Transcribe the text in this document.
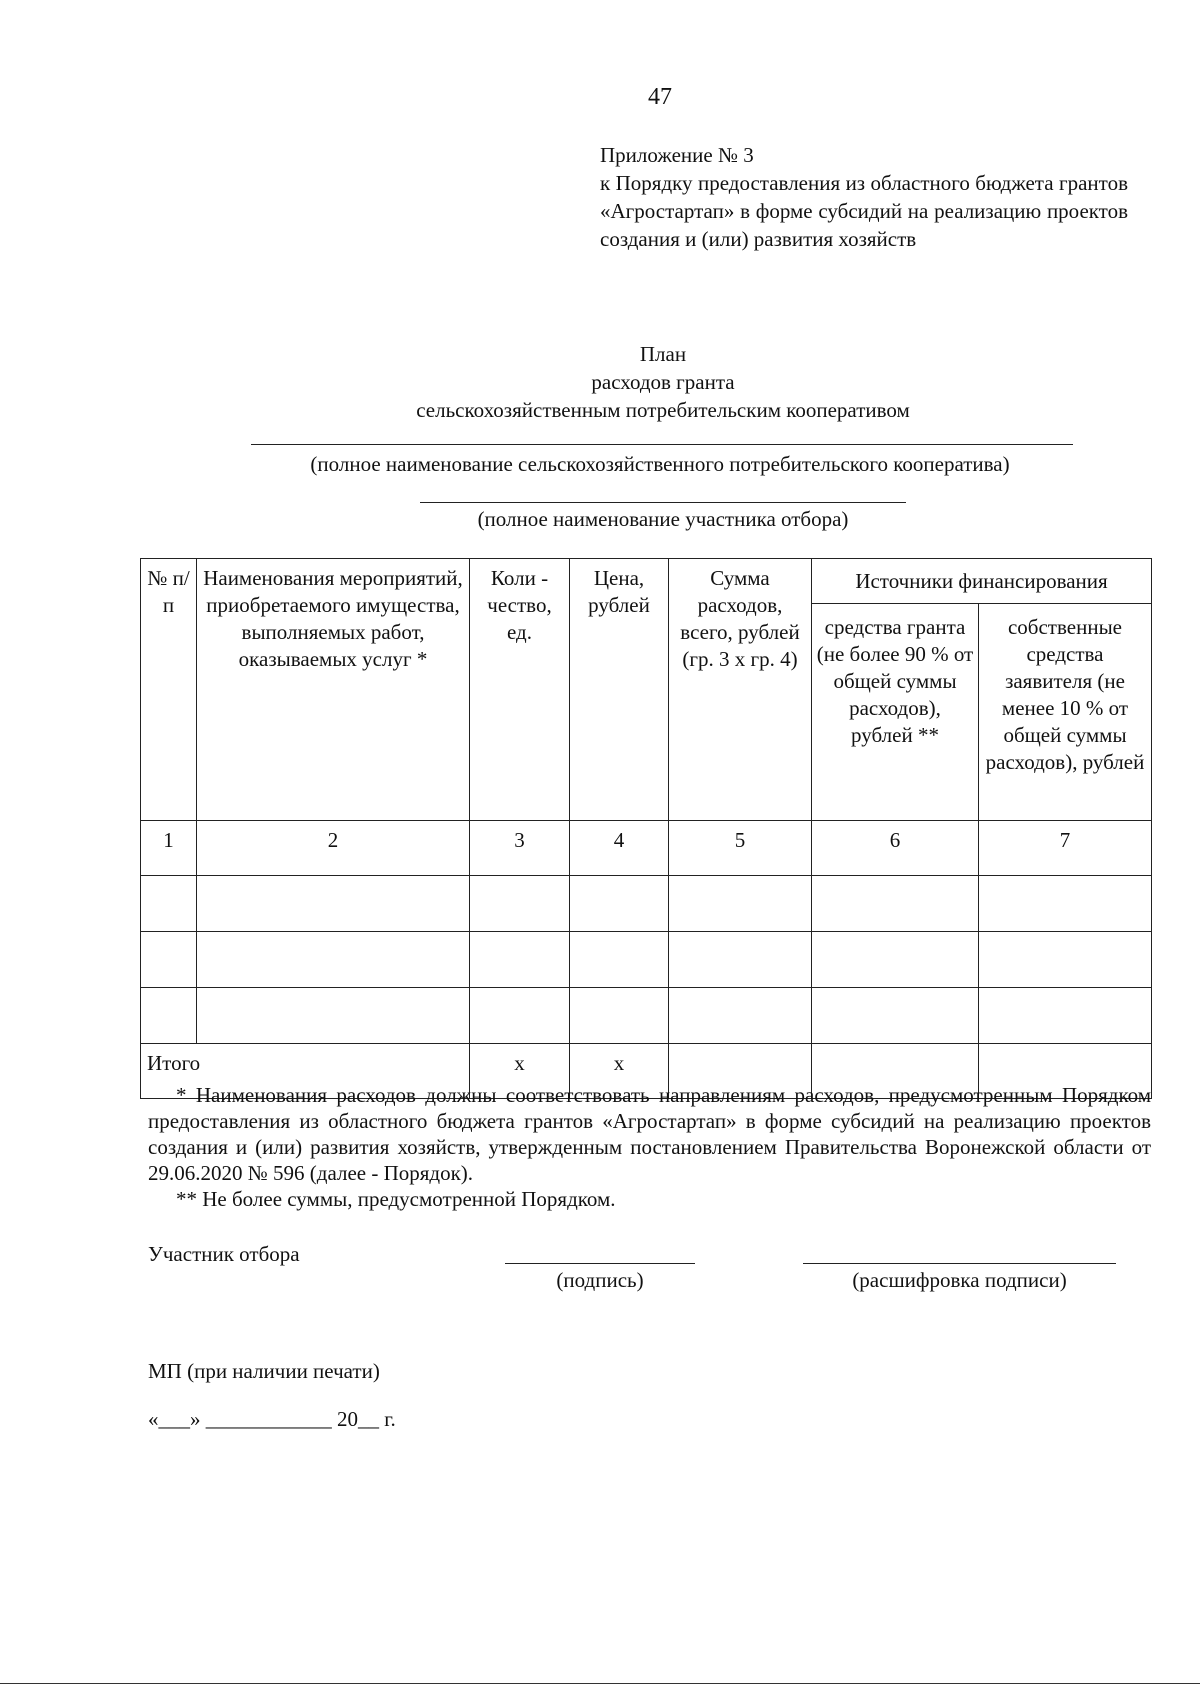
47
Приложение № 3
к Порядку предоставления из областного бюджета грантов «Агростартап» в форме субсидий на реализацию проектов создания и (или) развития хозяйств
План
расходов гранта
сельскохозяйственным потребительским кооперативом
(полное наименование сельскохозяйственного потребительского кооператива)
(полное наименование участника отбора)
№ п/п	Наименования мероприятий, приобретаемого имущества, выполняемых работ, оказываемых услуг *	Коли - чество, ед.	Цена, рублей	Сумма расходов, всего, рублей (гр. 3 х гр. 4)	Источники финансирования	
					средства гранта (не более 90 % от общей суммы расходов), рублей **	собственные средства заявителя (не менее 10 % от общей суммы расходов), рублей
1	2	3	4	5	6	7

Итого		х	х			
* Наименования расходов должны соответствовать направлениям расходов, предусмотренным Порядком предоставления из областного бюджета грантов «Агростартап» в форме субсидий на реализацию проектов создания и (или) развития хозяйств, утвержденным постановлением Правительства Воронежской области от 29.06.2020 № 596 (далее - Порядок).
** Не более суммы, предусмотренной Порядком.
Участник отбора
(подпись)	(расшифровка подписи)
МП (при наличии печати)
«___» ____________ 20__ г.
